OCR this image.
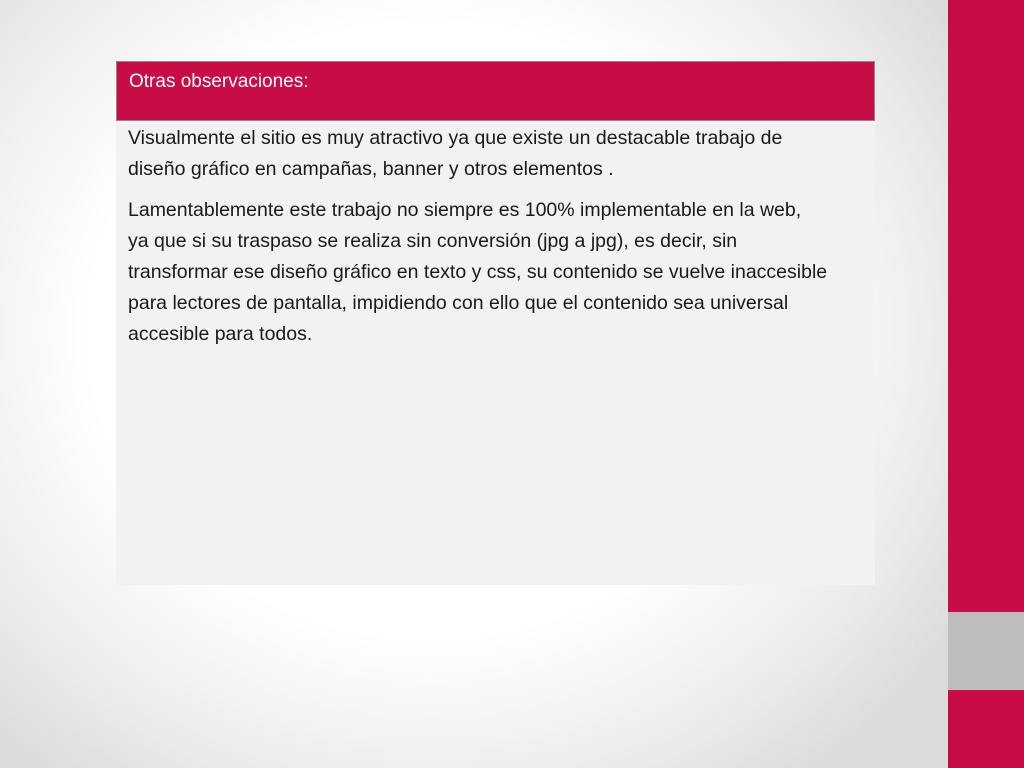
Otras observaciones:

Visualmente el sitio es muy atractivo ya que existe un destacable trabajo de
diseño gráfico en campañas, banner y otros elementos .

Lamentablemente este trabajo no siempre es 100% implementable en la web,
ya que si su traspaso se realiza sin conversión (jpg a jpg), es decir, sin
transformar ese diseño gráfico en texto y css, su contenido se vuelve inaccesible
para lectores de pantalla, impidiendo con ello que el contenido sea universal
accesible para todos.
